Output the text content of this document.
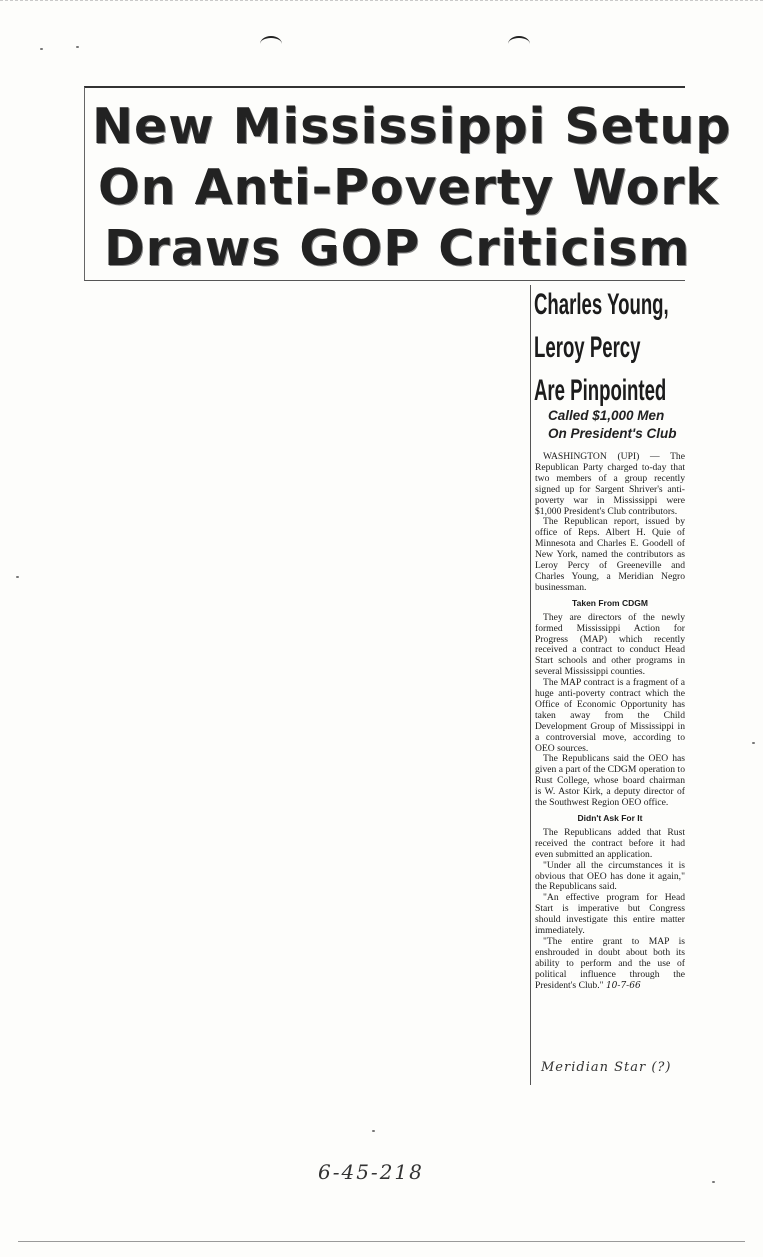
New Mississippi Setup
On Anti-Poverty Work
Draws GOP Criticism
Charles Young,
Leroy Percy
Are Pinpointed
Called $1,000 Men
On President's Club

WASHINGTON (UPI) — The Republican Party charged to-day that two members of a group recently signed up for Sargent Shriver's anti-poverty war in Mississippi were $1,000 President's Club contributors.

The Republican report, issued by office of Reps. Albert H. Quie of Minnesota and Charles E. Goodell of New York, named the contributors as Leroy Percy of Greeneville and Charles Young, a Meridian Negro businessman.

Taken From CDGM

They are directors of the newly formed Mississippi Action for Progress (MAP) which recently received a contract to conduct Head Start schools and other programs in several Mississippi counties.

The MAP contract is a fragment of a huge anti-poverty contract which the Office of Economic Opportunity has taken away from the Child Development Group of Mississippi in a controversial move, according to OEO sources.

The Republicans said the OEO has given a part of the CDGM operation to Rust College, whose board chairman is W. Astor Kirk, a deputy director of the Southwest Region OEO office.

Didn't Ask For It

The Republicans added that Rust received the contract before it had even submitted an application.

"Under all the circumstances it is obvious that OEO has done it again," the Republicans said.

"An effective program for Head Start is imperative but Congress should investigate this entire matter immediately.

"The entire grant to MAP is enshrouded in doubt about both its ability to perform and the use of political influence through the President's Club." 10-7-66

Meridian Star (?)
6-45-218
